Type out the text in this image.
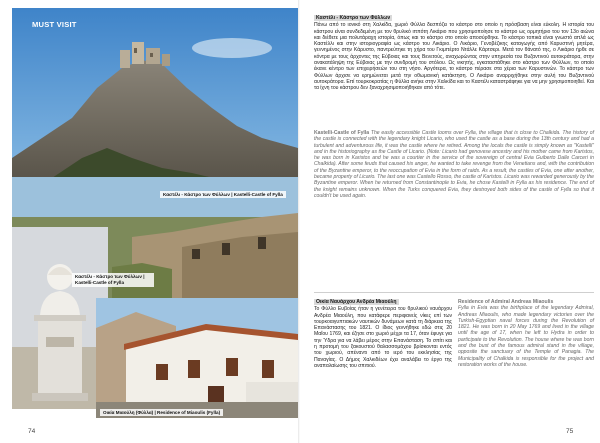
MUST VISIT
Καστέλι - Κάστρο των Φύλλων | Kastelli-Castle of Fylla
Καστέλι - Κάστρο των Φύλλων | Kastelli-Castle of Fylla
Οικία Μιαούλη (Φύλλα) | Residence of Miaoulis (Fylla)
74
Καστέλι - Κάστρο των Φύλλων
Πάνω από το ιονικό στη Χαλκίδα, χωριό Φύλλα δεσπόζει το κάστρο στο οποίο η πρόσβαση είναι εύκολη. Η ιστορία του κάστρου είναι συνδεδεμένη με τον θρυλικό ιππότη Λικάριο που χρησιμοποίησε το κάστρο ως ορμητήριο του τον 13ο αιώνα και διέθετε μια πολυτάραχη ιστορία, όπως και το κάστρο στο οποίο αποσύρθηκε. Το κάστρο τοπικά είναι γνωστό απλά ως Καστέλλι και στην ιστοριογραφία ως κάστρο του Λικάριο. Ο Λικάριο, Γενοβέζικης καταγωγής από Καρυστινή μητέρα, γεννημένος στην Κάρυστο, παντρεύτηκε τη χήρα του Γκιμπέρτο Ντάλλε Κάρτσερι. Μετά τον θάνατό της, ο Λικάριο ήρθε σε κόντρα με τους άρχοντες της Εύβοιας και τους Βενετούς, αναχωρώντας στην υπηρεσία του Βυζαντινού αυτοκράτορα, στην ανακατάληψη της Εύβοιας με την συνδρομή του στόλου. Ως νικητής, εγκαταστάθηκε στο κάστρο των Φύλλων, το οποίο έκανε κέντρο των επιχειρήσεών του στη νήσο. Αργότερα, το κάστρο πέρασε στα χέρια των Καρυστινών. Το κάστρο των Φύλλων άρχισε να ερημώνεται μετά την οθωμανική κατάκτηση. Ο Λικάριο αναρριχήθηκε στην αυλή του Βυζαντινού αυτοκράτορα. Επί τουρκοκρατίας η Φύλλα ανήκε στην Χαλκίδα και το Καστέλι καταστράφηκε για να μην χρησιμοποιηθεί. Και τα ίχνη του κάστρου δεν ξαναχρησιμοποιήθηκαν από τότε.
Kastelli-Castle of Fylla The easily accessible Castle looms over Fylla, the village that is close to Chalkida. The history of the castle is connected with the legendary knight Licario, who used the castle as a base during the 13th century and had a turbulent and adventurous life, it was the castle where he retired. Among the locals the castle is simply known as "Kastelli" and in the historiography as the Castle of Licario. (Note: Licario had genovese ancestry and his mother came from Karistos, he was born in Karistos and he was a courtier in the service of the sovereign of central Evia Guiberto Dalle Carceri in Chalkida). After some feuds that caused his anger, he wanted to take revenge from the Venetians and, with the contribution of the Byzantine emperor, to the reoccupation of Evia in the form of raids. As a result, the castles of Evia, one after another, became property of Licario. The last one was Castello Rosso, the castle of Karistos. Licario was rewarded generously by the Byzantine emperor. When he returned from Constantinople to Evia, he chose Kastelli in Fylla as his residence. The end of the knight remains unknown. When the Turks conquered Evia, they destroyed both sides of the castle of Fylla so that it couldn't be used again.
Οικία Ναυάρχου Ανδρέα Μιαούλη
Το Φύλλο Ευβοίας ήταν η γενέτειρα του θρυλικού ναυάρχου Ανδρέα Μιαούλη, που κατάφερε περιφανείς νίκες επί των τουρκοαιγυπτιακών ναυτικών δυνάμεων κατά τη διάρκεια της Επανάστασης του 1821. Ο ίδιος γεννήθηκε εδώ στις 20 Μαΐου 1769, και έζησε στο χωριό μέχρι τα 17, όταν έφυγε για την Ύδρα για να λάβει μέρος στην Επανάσταση. Το σπίτι και η προτομή του ξακουστού θαλασσομάχου βρίσκονται εντός του χωριού, απέναντι από το ιερό του εκκλησίας της Παναγίας. Ο Δήμος Χαλκιδέων έχει αναλάβει το έργο της αναπαλαίωσης του σπιτιού.
Residence of Admiral Andreas Miaoulis
Fylla in Evia was the birthplace of the legendary Admiral, Andreas Miaoulis, who made legendary victories over the Turkish-Egyptian naval forces during the Revolution of 1821. He was born in 20 May 1769 and lived in the village until the age of 17, when he left to Hydra in order to participate to the Revolution. The house where he was born and the bust of the famous admiral stand in the village, opposite the sanctuary of the Temple of Panagia. The Municipality of Chalkida is responsible for the project and restoration works of the house.
75
